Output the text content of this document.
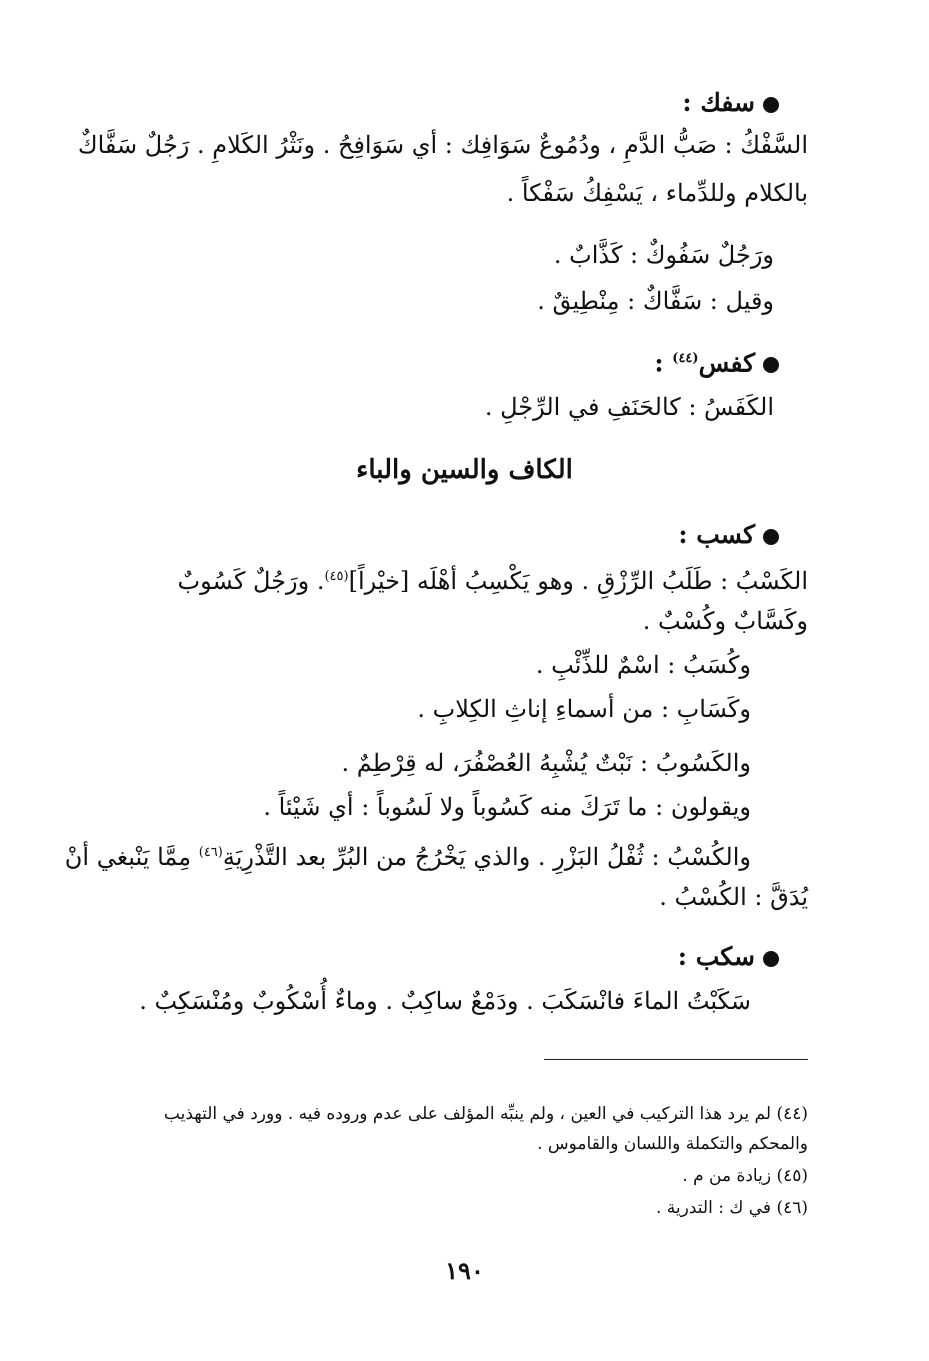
سفك :
السَّفْكُ : صَبُّ الدَّمِ ، ودُمُوعٌ سَوَافِك : أي سَوَافِحُ . ونَثْرُ الكَلامِ . رَجُلٌ سَفَّاكٌ
بالكلام وللدِّماء ، يَسْفِكُ سَفْكاً .
ورَجُلٌ سَفُوكٌ : كَذَّابٌ .
وقيل : سَفَّاكٌ : مِنْطِيقٌ .
كفس$^{(٤٤)}$ :
الكَفَسُ : كالحَنَفِ في الرِّجْلِ .
الكاف والسين والباء
كسب :
الكَسْبُ : طَلَبُ الرِّزْقِ . وهو يَكْسِبُ أهْلَه [خيْراً]$^{(٤٥)}$. ورَجُلٌ كَسُوبٌ
وكَسَّابٌ وكُسْبٌ .
وكُسَبُ : اسْمٌ للذِّئْبِ .
وكَسَابِ : من أسماءِ إناثِ الكِلابِ .
والكَسُوبُ : نَبْتٌ يُشْبِهُ العُصْفُرَ، له قِرْطِمٌ .
ويقولون : ما تَرَكَ منه كَسُوباً ولا لَسُوباً : أي شَيْئاً .
والكُسْبُ : ثُفْلُ البَزْرِ . والذي يَخْرُجُ من البُرِّ بعد التَّذْرِيَةِ$^{(٤٦)}$ مِمَّا يَنْبغي أنْ
يُدَقَّ : الكُسْبُ .
سكب :
سَكَبْتُ الماءَ فانْسَكَبَ . ودَمْعٌ ساكِبٌ . وماءٌ أُسْكُوبٌ ومُنْسَكِبٌ .
(٤٤) لم يرد هذا التركيب في العين ، ولم ينبِّه المؤلف على عدم وروده فيه . وورد في التهذيب
والمحكم والتكملة واللسان والقاموس .
(٤٥) زيادة من م .
(٤٦) في ك : التدرية .
١٩٠
